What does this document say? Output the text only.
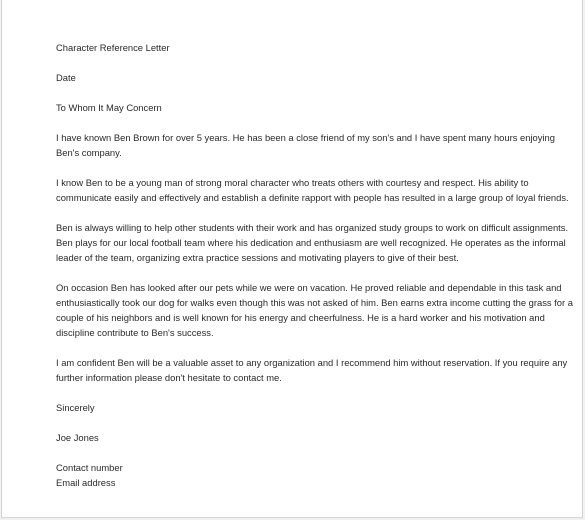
Character Reference Letter

Date

To Whom It May Concern

I have known Ben Brown for over 5 years. He has been a close friend of my son's and I have spent many hours enjoying Ben's company.

I know Ben to be a young man of strong moral character who treats others with courtesy and respect. His ability to communicate easily and effectively and establish a definite rapport with people has resulted in a large group of loyal friends.

Ben is always willing to help other students with their work and has organized study groups to work on difficult assignments. Ben plays for our local football team where his dedication and enthusiasm are well recognized. He operates as the informal leader of the team, organizing extra practice sessions and motivating players to give of their best.

On occasion Ben has looked after our pets while we were on vacation. He proved reliable and dependable in this task and enthusiastically took our dog for walks even though this was not asked of him. Ben earns extra income cutting the grass for a couple of his neighbors and is well known for his energy and cheerfulness. He is a hard worker and his motivation and discipline contribute to Ben's success.

I am confident Ben will be a valuable asset to any organization and I recommend him without reservation. If you require any further information please don't hesitate to contact me.

Sincerely

Joe Jones

Contact number

Email address
